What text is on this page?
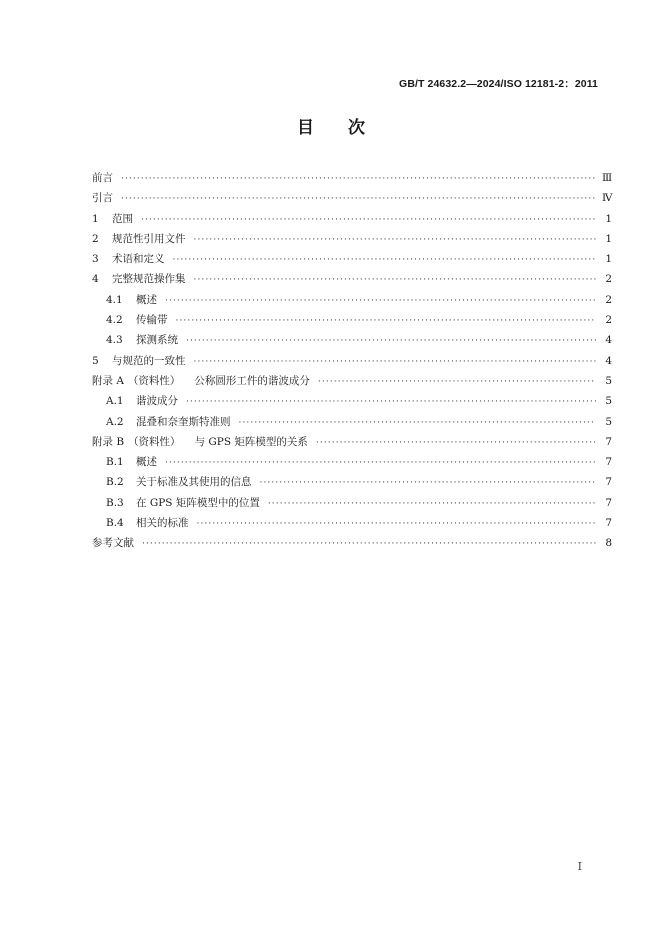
GB/T 24632.2—2024/ISO 12181-2：2011
目 次
前言 ·····	Ⅲ
引言 ·····	Ⅳ
1 范围 ·····	1
2 规范性引用文件 ·····	1
3 术语和定义 ·····	1
4 完整规范操作集 ·····	2
4.1 概述 ·····	2
4.2 传输带 ·····	2
4.3 探测系统 ·····	4
5 与规范的一致性 ·····	4
附录 A （资料性） 公称圆形工件的谐波成分 ·····	5
A.1 谐波成分 ·····	5
A.2 混叠和奈奎斯特准则 ·····	5
附录 B （资料性） 与 GPS 矩阵模型的关系 ·····	7
B.1 概述 ·····	7
B.2 关于标准及其使用的信息 ·····	7
B.3 在 GPS 矩阵模型中的位置 ·····	7
B.4 相关的标准 ·····	7
参考文献 ·····	8
I
